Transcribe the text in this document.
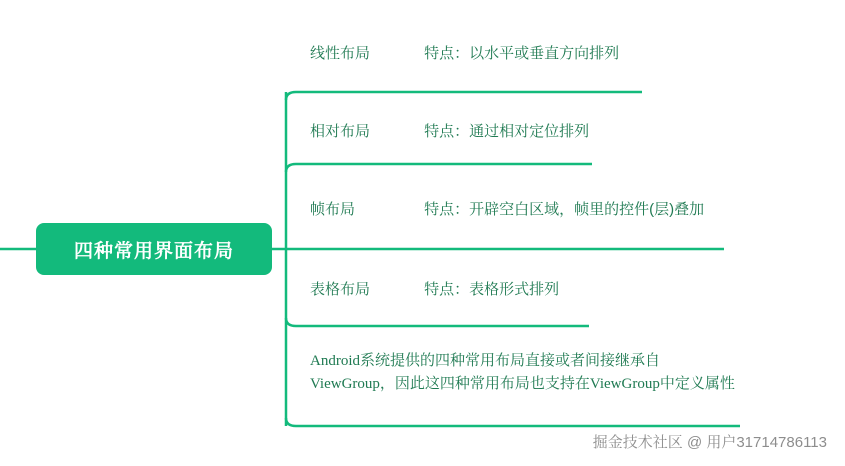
四种常用界面布局
线性布局	特点：以水平或垂直方向排列
相对布局	特点：通过相对定位排列
帧布局	特点：开辟空白区域，帧里的控件(层)叠加
表格布局	特点：表格形式排列
Android系统提供的四种常用布局直接或者间接继承自ViewGroup，因此这四种常用布局也支持在ViewGroup中定义属性
掘金技术社区 @ 用户31714786113
